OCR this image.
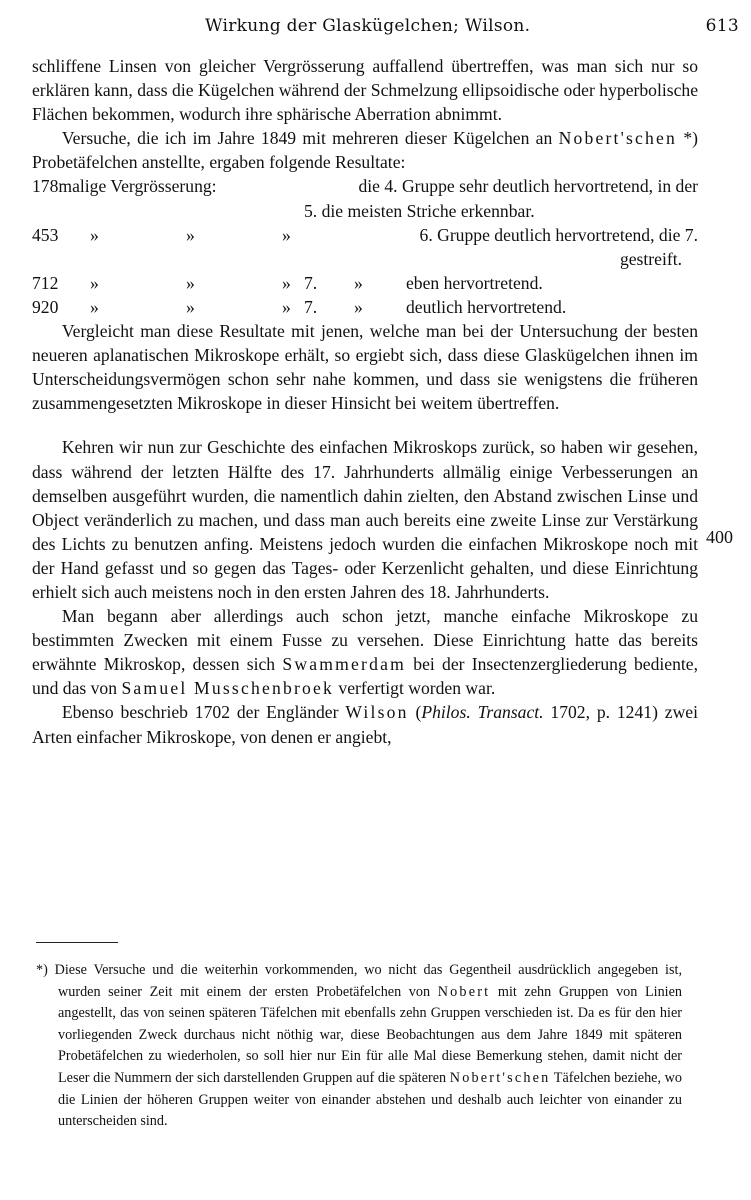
Wirkung der Glaskügelchen; Wilson.	613

schliffene Linsen von gleicher Vergrösserung auffallend übertreffen, was man sich nur so erklären kann, dass die Kügelchen während der Schmelzung ellipsoidische oder hyperbolische Flächen bekommen, wodurch ihre sphärische Aberration abnimmt.

Versuche, die ich im Jahre 1849 mit mehreren dieser Kügelchen an Nobert'schen *) Probetäfelchen anstellte, ergaben folgende Resultate:

178malige Vergrösserung:	die 4. Gruppe sehr deutlich hervortretend, in der
5. die meisten Striche erkennbar.
453 »	»	»	6. Gruppe deutlich hervortretend, die 7.
gestreift.
712 »	»	» 7. » eben hervortretend.
920 »	»	» 7. » deutlich hervortretend.

Vergleicht man diese Resultate mit jenen, welche man bei der Untersuchung der besten neueren aplanatischen Mikroskope erhält, so ergiebt sich, dass diese Glaskügelchen ihnen im Unterscheidungsvermögen schon sehr nahe kommen, und dass sie wenigstens die früheren zusammengesetzten Mikroskope in dieser Hinsicht bei weitem übertreffen.

Kehren wir nun zur Geschichte des einfachen Mikroskops zurück, so haben wir gesehen, dass während der letzten Hälfte des 17. Jahrhunderts allmälig einige Verbesserungen an demselben ausgeführt wurden, die namentlich dahin zielten, den Abstand zwischen Linse und Object veränderlich zu machen, und dass man auch bereits eine zweite Linse zur Verstärkung des Lichts zu benutzen anfing. Meistens jedoch wurden die einfachen Mikroskope noch mit der Hand gefasst und so gegen das Tages- oder Kerzenlicht gehalten, und diese Einrichtung erhielt sich auch meistens noch in den ersten Jahren des 18. Jahrhunderts.

Man begann aber allerdings auch schon jetzt, manche einfache Mikroskope zu bestimmten Zwecken mit einem Fusse zu versehen. Diese Einrichtung hatte das bereits erwähnte Mikroskop, dessen sich Swammerdam bei der Insectenzergliederung bediente, und das von Samuel Musschenbroek verfertigt worden war.

Ebenso beschrieb 1702 der Engländer Wilson (Philos. Transact. 1702, p. 1241) zwei Arten einfacher Mikroskope, von denen er angiebt,

400

*) Diese Versuche und die weiterhin vorkommenden, wo nicht das Gegentheil ausdrücklich angegeben ist, wurden seiner Zeit mit einem der ersten Probetäfelchen von Nobert mit zehn Gruppen von Linien angestellt, das von seinen späteren Täfelchen mit ebenfalls zehn Gruppen verschieden ist. Da es für den hier vorliegenden Zweck durchaus nicht nöthig war, diese Beobachtungen aus dem Jahre 1849 mit späteren Probetäfelchen zu wiederholen, so soll hier nur Ein für alle Mal diese Bemerkung stehen, damit nicht der Leser die Nummern der sich darstellenden Gruppen auf die späteren Nobert'schen Täfelchen beziehe, wo die Linien der höheren Gruppen weiter von einander abstehen und deshalb auch leichter von einander zu unterscheiden sind.
